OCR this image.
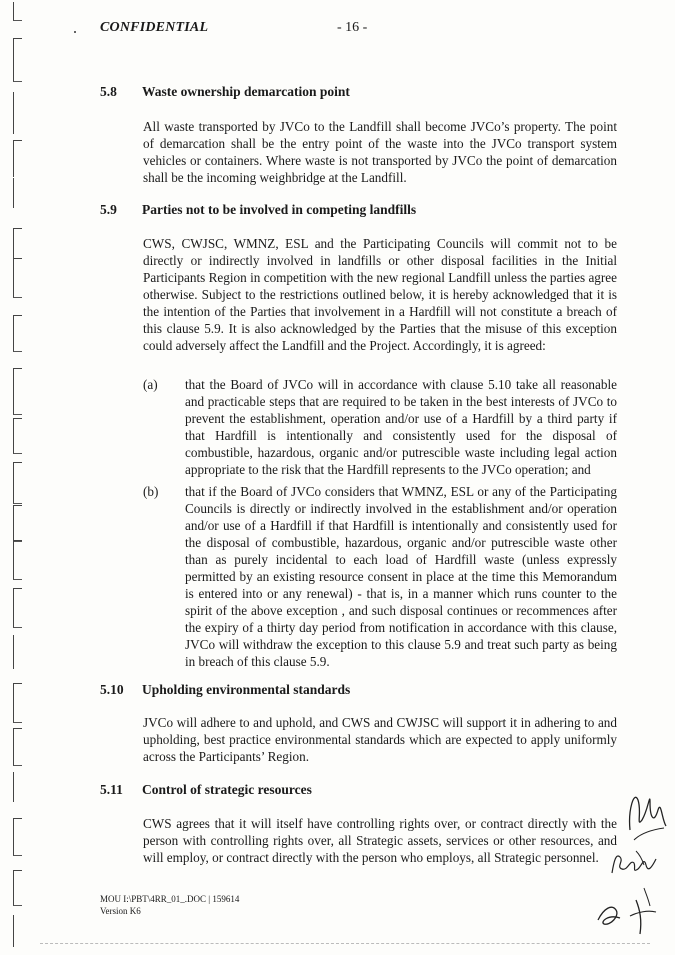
CONFIDENTIAL	- 16 -
5.8 Waste ownership demarcation point
All waste transported by JVCo to the Landfill shall become JVCo’s property. The point of demarcation shall be the entry point of the waste into the JVCo transport system vehicles or containers. Where waste is not transported by JVCo the point of demarcation shall be the incoming weighbridge at the Landfill.
5.9 Parties not to be involved in competing landfills
CWS, CWJSC, WMNZ, ESL and the Participating Councils will commit not to be directly or indirectly involved in landfills or other disposal facilities in the Initial Participants Region in competition with the new regional Landfill unless the parties agree otherwise. Subject to the restrictions outlined below, it is hereby acknowledged that it is the intention of the Parties that involvement in a Hardfill will not constitute a breach of this clause 5.9. It is also acknowledged by the Parties that the misuse of this exception could adversely affect the Landfill and the Project. Accordingly, it is agreed:
(a)	that the Board of JVCo will in accordance with clause 5.10 take all reasonable and practicable steps that are required to be taken in the best interests of JVCo to prevent the establishment, operation and/or use of a Hardfill by a third party if that Hardfill is intentionally and consistently used for the disposal of combustible, hazardous, organic and/or putrescible waste including legal action appropriate to the risk that the Hardfill represents to the JVCo operation; and
(b)	that if the Board of JVCo considers that WMNZ, ESL or any of the Participating Councils is directly or indirectly involved in the establishment and/or operation and/or use of a Hardfill if that Hardfill is intentionally and consistently used for the disposal of combustible, hazardous, organic and/or putrescible waste other than as purely incidental to each load of Hardfill waste (unless expressly permitted by an existing resource consent in place at the time this Memorandum is entered into or any renewal) - that is, in a manner which runs counter to the spirit of the above exception , and such disposal continues or recommences after the expiry of a thirty day period from notification in accordance with this clause, JVCo will withdraw the exception to this clause 5.9 and treat such party as being in breach of this clause 5.9.
5.10 Upholding environmental standards
JVCo will adhere to and uphold, and CWS and CWJSC will support it in adhering to and upholding, best practice environmental standards which are expected to apply uniformly across the Participants’ Region.
5.11 Control of strategic resources
CWS agrees that it will itself have controlling rights over, or contract directly with the person with controlling rights over, all Strategic assets, services or other resources, and will employ, or contract directly with the person who employs, all Strategic personnel.
MOU I:\PBT\4RR_01_.DOC | 159614
Version K6
